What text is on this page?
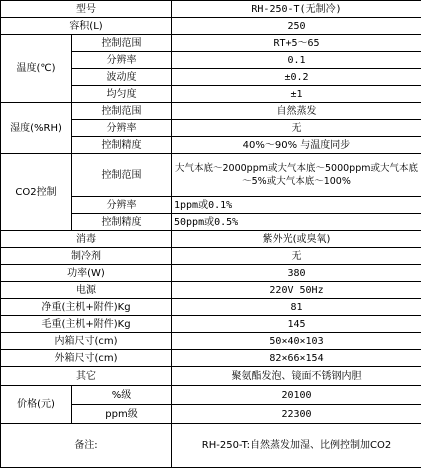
型号		RH-250-T(无制冷)
容积(L)		250
温度(℃)	控制范围	RT+5～65
	分辨率	0.1
	波动度	±0.2
	均匀度	±1
湿度(%RH)	控制范围	自然蒸发
	分辨率	无
	控制精度	40%～90% 与温度同步
CO2控制	控制范围	大气本底～2000ppm或大气本底～5000ppm或大气本底～5%或大气本底～100%
	分辨率	1ppm或0.1%
	控制精度	50ppm或0.5%
消毒		紫外光(或臭氧)
制冷剂		无
功率(W)		380
电源		220V 50Hz
净重(主机+附件)Kg		81
毛重(主机+附件)Kg		145
内箱尺寸(cm)		50×40×103
外箱尺寸(cm)		82×66×154
其它		聚氨酯发泡、镜面不锈钢内胆
价格(元)	%级	20100
	ppm级	22300
备注:		RH-250-T:自然蒸发加湿、比例控制加CO2
